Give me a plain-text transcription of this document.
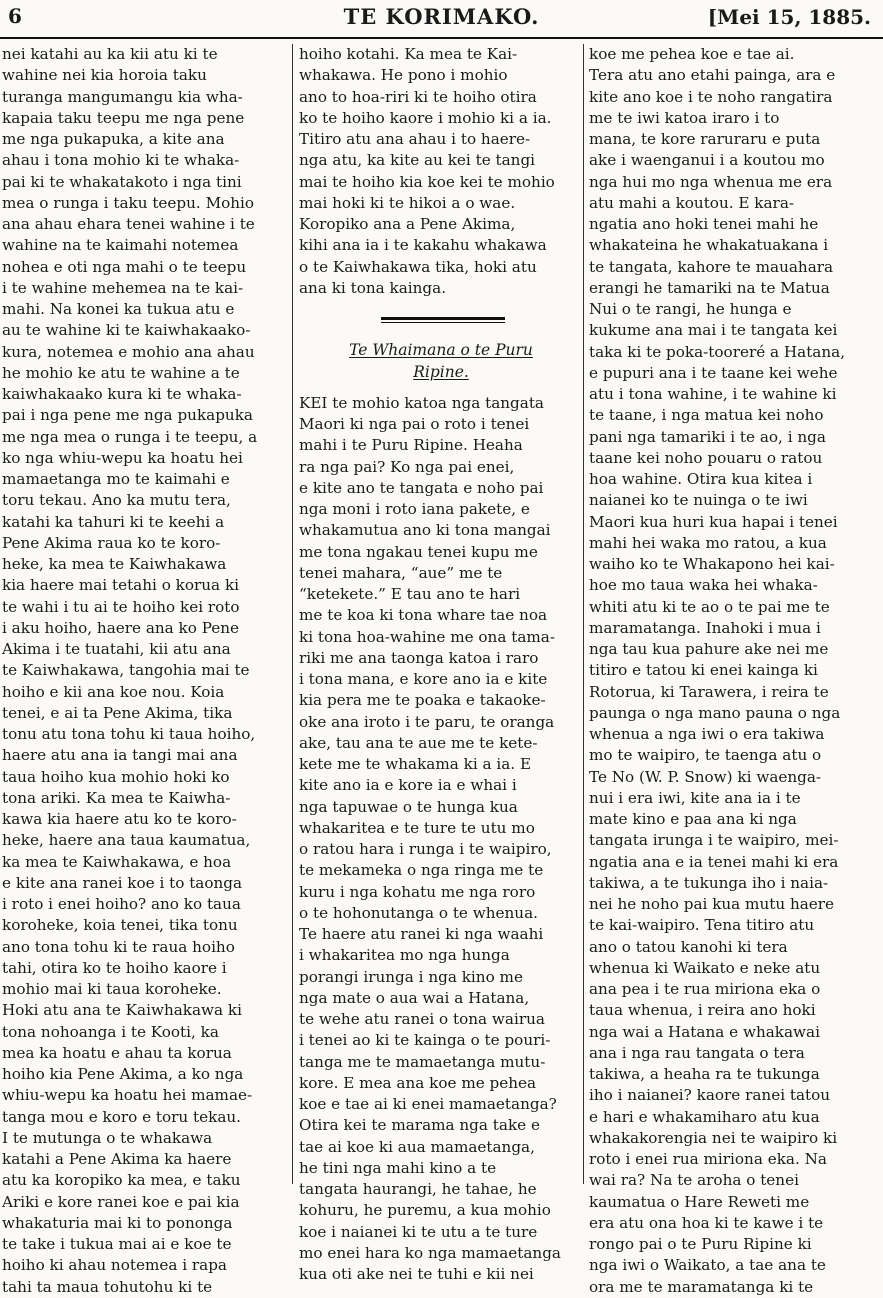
6	TE KORIMAKO.	[Mei 15, 1885.
nei katahi au ka kii atu ki te
wahine nei kia horoia taku
turanga mangumangu kia wha-
kapaia taku teepu me nga pene
me nga pukapuka, a kite ana
ahau i tona mohio ki te whaka-
pai ki te whakatakoto i nga tini
mea o runga i taku teepu. Mohio
ana ahau ehara tenei wahine i te
wahine na te kaimahi notemea
nohea e oti nga mahi o te teepu
i te wahine mehemea na te kai-
mahi. Na konei ka tukua atu e
au te wahine ki te kaiwhakaako-
kura, notemea e mohio ana ahau
he mohio ke atu te wahine a te
kaiwhakaako kura ki te whaka-
pai i nga pene me nga pukapuka
me nga mea o runga i te teepu, a
ko nga whiu-wepu ka hoatu hei
mamaetanga mo te kaimahi e
toru tekau. Ano ka mutu tera,
katahi ka tahuri ki te keehi a
Pene Akima raua ko te koro-
heke, ka mea te Kaiwhakawa
kia haere mai tetahi o korua ki
te wahi i tu ai te hoiho kei roto
i aku hoiho, haere ana ko Pene
Akima i te tuatahi, kii atu ana
te Kaiwhakawa, tangohia mai te
hoiho e kii ana koe nou. Koia
tenei, e ai ta Pene Akima, tika
tonu atu tona tohu ki taua hoiho,
haere atu ana ia tangi mai ana
taua hoiho kua mohio hoki ko
tona ariki. Ka mea te Kaiwha-
kawa kia haere atu ko te koro-
heke, haere ana taua kaumatua,
ka mea te Kaiwhakawa, e hoa
e kite ana ranei koe i to taonga
i roto i enei hoiho? ano ko taua
koroheke, koia tenei, tika tonu
ano tona tohu ki te raua hoiho
tahi, otira ko te hoiho kaore i
mohio mai ki taua koroheke.
Hoki atu ana te Kaiwhakawa ki
tona nohoanga i te Kooti, ka
mea ka hoatu e ahau ta korua
hoiho kia Pene Akima, a ko nga
whiu-wepu ka hoatu hei mamae-
tanga mou e koro e toru tekau.
I te mutunga o te whakawa
katahi a Pene Akima ka haere
atu ka koropiko ka mea, e taku
Ariki e kore ranei koe e pai kia
whakaturia mai ki to pononga
te take i tukua mai ai e koe te
hoiho ki ahau notemea i rapa
tahi ta maua tohutohu ki te
hoiho kotahi. Ka mea te Kai-
whakawa. He pono i mohio
ano to hoa-riri ki te hoiho otira
ko te hoiho kaore i mohio ki a ia.
Titiro atu ana ahau i to haere-
nga atu, ka kite au kei te tangi
mai te hoiho kia koe kei te mohio
mai hoki ki te hikoi a o wae.
Koropiko ana a Pene Akima,
kihi ana ia i te kakahu whakawa
o te Kaiwhakawa tika, hoki atu
ana ki tona kainga.
Te Whaimana o te Puru
Ripine.
KEI te mohio katoa nga tangata
Maori ki nga pai o roto i tenei
mahi i te Puru Ripine. Heaha
ra nga pai? Ko nga pai enei,
e kite ano te tangata e noho pai
nga moni i roto iana pakete, e
whakamutua ano ki tona mangai
me tona ngakau tenei kupu me
tenei mahara, “aue” me te
“ketekete.” E tau ano te hari
me te koa ki tona whare tae noa
ki tona hoa-wahine me ona tama-
riki me ana taonga katoa i raro
i tona mana, e kore ano ia e kite
kia pera me te poaka e takaoke-
oke ana iroto i te paru, te oranga
ake, tau ana te aue me te kete-
kete me te whakama ki a ia. E
kite ano ia e kore ia e whai i
nga tapuwae o te hunga kua
whakaritea e te ture te utu mo
o ratou hara i runga i te waipiro,
te mekameka o nga ringa me te
kuru i nga kohatu me nga roro
o te hohonutanga o te whenua.
Te haere atu ranei ki nga waahi
i whakaritea mo nga hunga
porangi irunga i nga kino me
nga mate o aua wai a Hatana,
te wehe atu ranei o tona wairua
i tenei ao ki te kainga o te pouri-
tanga me te mamaetanga mutu-
kore. E mea ana koe me pehea
koe e tae ai ki enei mamaetanga?
Otira kei te marama nga take e
tae ai koe ki aua mamaetanga,
he tini nga mahi kino a te
tangata haurangi, he tahae, he
kohuru, he puremu, a kua mohio
koe i naianei ki te utu a te ture
mo enei hara ko nga mamaetanga
kua oti ake nei te tuhi e kii nei
koe me pehea koe e tae ai.
Tera atu ano etahi painga, ara e
kite ano koe i te noho rangatira
me te iwi katoa iraro i to
mana, te kore raruraru e puta
ake i waenganui i a koutou mo
nga hui mo nga whenua me era
atu mahi a koutou. E kara-
ngatia ano hoki tenei mahi he
whakateina he whakatuakana i
te tangata, kahore te mauahara
erangi he tamariki na te Matua
Nui o te rangi, he hunga e
kukume ana mai i te tangata kei
taka ki te poka-tooreré a Hatana,
e pupuri ana i te taane kei wehe
atu i tona wahine, i te wahine ki
te taane, i nga matua kei noho
pani nga tamariki i te ao, i nga
taane kei noho pouaru o ratou
hoa wahine. Otira kua kitea i
naianei ko te nuinga o te iwi
Maori kua huri kua hapai i tenei
mahi hei waka mo ratou, a kua
waiho ko te Whakapono hei kai-
hoe mo taua waka hei whaka-
whiti atu ki te ao o te pai me te
maramatanga. Inahoki i mua i
nga tau kua pahure ake nei me
titiro e tatou ki enei kainga ki
Rotorua, ki Tarawera, i reira te
paunga o nga mano pauna o nga
whenua a nga iwi o era takiwa
mo te waipiro, te taenga atu o
Te No (W. P. Snow) ki waenga-
nui i era iwi, kite ana ia i te
mate kino e paa ana ki nga
tangata irunga i te waipiro, mei-
ngatia ana e ia tenei mahi ki era
takiwa, a te tukunga iho i naia-
nei he noho pai kua mutu haere
te kai-waipiro. Tena titiro atu
ano o tatou kanohi ki tera
whenua ki Waikato e neke atu
ana pea i te rua miriona eka o
taua whenua, i reira ano hoki
nga wai a Hatana e whakawai
ana i nga rau tangata o tera
takiwa, a heaha ra te tukunga
iho i naianei? kaore ranei tatou
e hari e whakamiharo atu kua
whakakorengia nei te waipiro ki
roto i enei rua miriona eka. Na
wai ra? Na te aroha o tenei
kaumatua o Hare Reweti me
era atu ona hoa ki te kawe i te
rongo pai o te Puru Ripine ki
nga iwi o Waikato, a tae ana te
ora me te maramatanga ki te
